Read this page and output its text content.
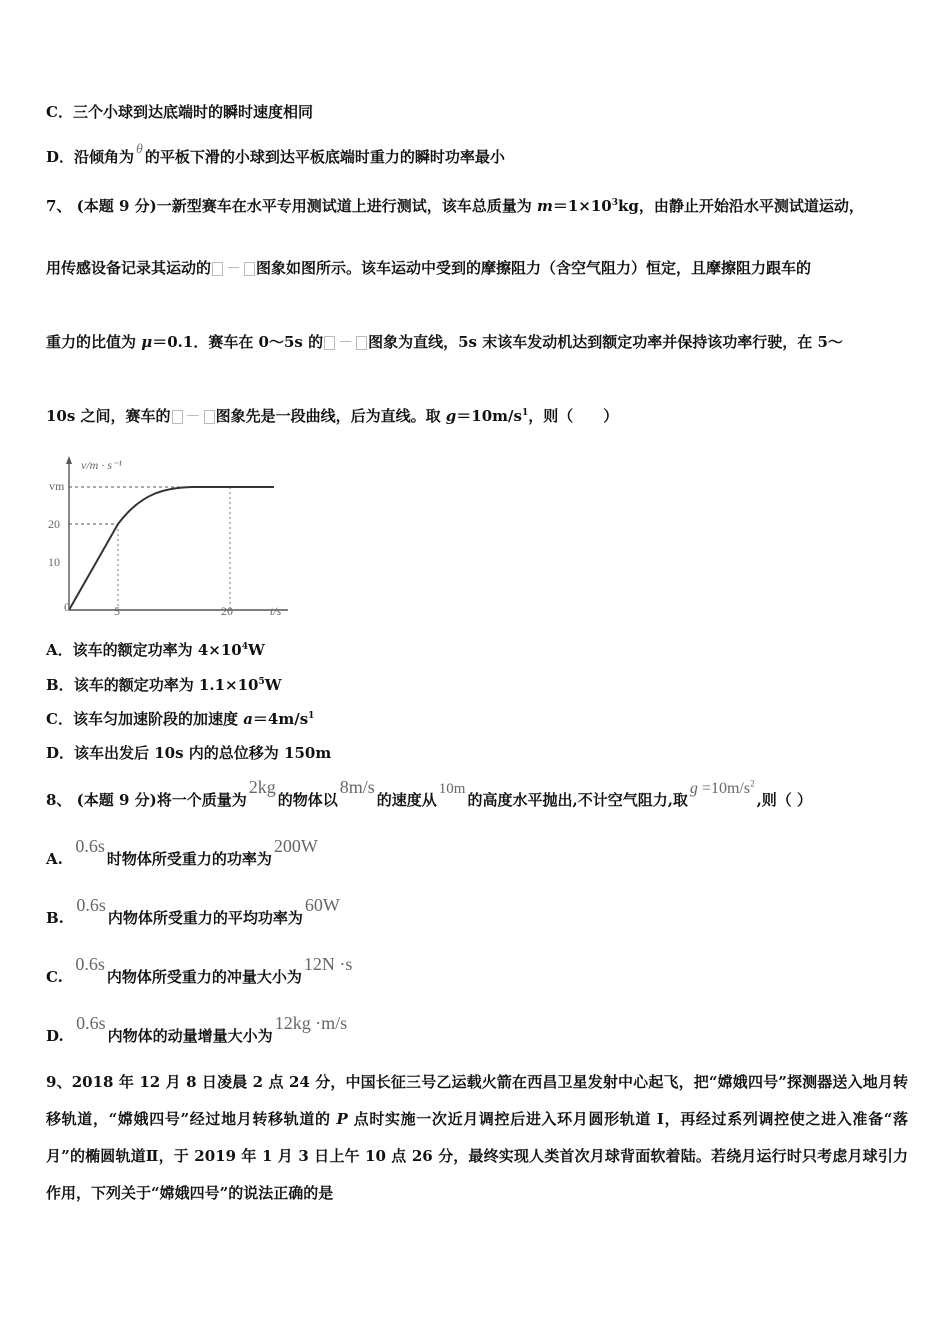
C．三个小球到达底端时的瞬时速度相同
D．沿倾角为 θ 的平板下滑的小球到达平板底端时重力的瞬时功率最小
7、 (本题 9 分)一新型赛车在水平专用测试道上进行测试，该车总质量为 $m=1\times 10^3kg$，由静止开始沿水平测试道运动，
用传感设备记录其运动的 － 图象如图所示。该车运动中受到的摩擦阻力（含空气阻力）恒定，且摩擦阻力跟车的
重力的比值为 μ＝0.1．赛车在 0～5s 的 － 图象为直线，5s 末该车发动机达到额定功率并保持该功率行驶，在 5～
10s 之间，赛车的 － 图象先是一段曲线，后为直线。取 $g=10m/s^1$，则（　　）
v/m · s⁻¹
vm
20
10
0	5	20	t/s
A．该车的额定功率为 $4\times 10^4W$
B．该车的额定功率为 $1.1\times 10^5W$
C．该车匀加速阶段的加速度 $a=4m/s^1$
D．该车出发后 10s 内的总位移为 150m
8、 (本题 9 分)将一个质量为2kg的物体以8m/s的速度从10m的高度水平抛出,不计空气阻力,取$g =10m/s^2$,则（ ）
A.  0.6s时物体所受重力的功率为200W
B.  0.6s内物体所受重力的平均功率为60W
C.  0.6s内物体所受重力的冲量大小为12N ·s
D.  0.6s内物体的动量增量大小为12kg ·m/s
9、2018 年 12 月 8 日凌晨 2 点 24 分，中国长征三号乙运载火箭在西昌卫星发射中心起飞，把“嫦娥四号”探测器送入地月转移轨道，“嫦娥四号”经过地月转移轨道的 P 点时实施一次近月调控后进入环月圆形轨道 I，再经过系列调控使之进入准备“落月”的椭圆轨道Ⅱ，于 2019 年 1 月 3 日上午 10 点 26 分，最终实现人类首次月球背面软着陆。若绕月运行时只考虑月球引力作用，下列关于“嫦娥四号”的说法正确的是
